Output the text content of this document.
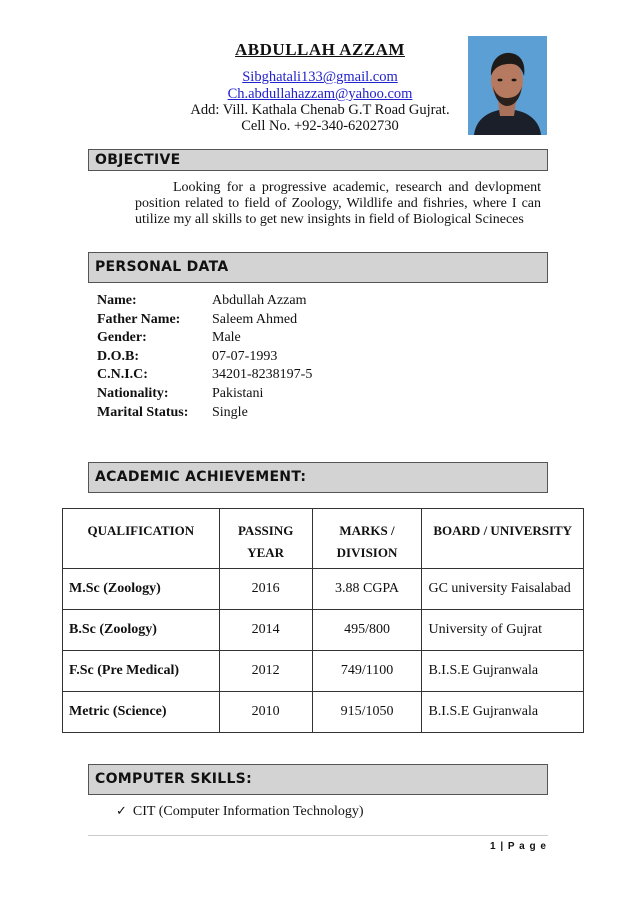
ABDULLAH AZZAM
Sibghatali133@gmail.com
Ch.abdullahazzam@yahoo.com
Add: Vill. Kathala Chenab G.T Road Gujrat.
Cell No. +92-340-6202730
OBJECTIVE
Looking for a progressive academic, research and devlopment position related to field of Zoology, Wildlife and fishries, where I can utilize my all skills to get new insights in field of Biological Scineces
PERSONAL DATA
Name:	Abdullah Azzam
Father Name: Saleem Ahmed
Gender:	Male
D.O.B:	07-07-1993
C.N.I.C:	34201-8238197-5
Nationality:	Pakistani
Marital Status: Single
ACADEMIC ACHIEVEMENT:
QUALIFICATION	PASSING YEAR	MARKS / DIVISION	BOARD / UNIVERSITY
M.Sc (Zoology)	2016	3.88 CGPA	GC university Faisalabad
B.Sc (Zoology)	2014	495/800	University of Gujrat
F.Sc (Pre Medical)	2012	749/1100	B.I.S.E Gujranwala
Metric (Science)	2010	915/1050	B.I.S.E Gujranwala
COMPUTER SKILLS:
✓ CIT (Computer Information Technology)
1 | P a g e
